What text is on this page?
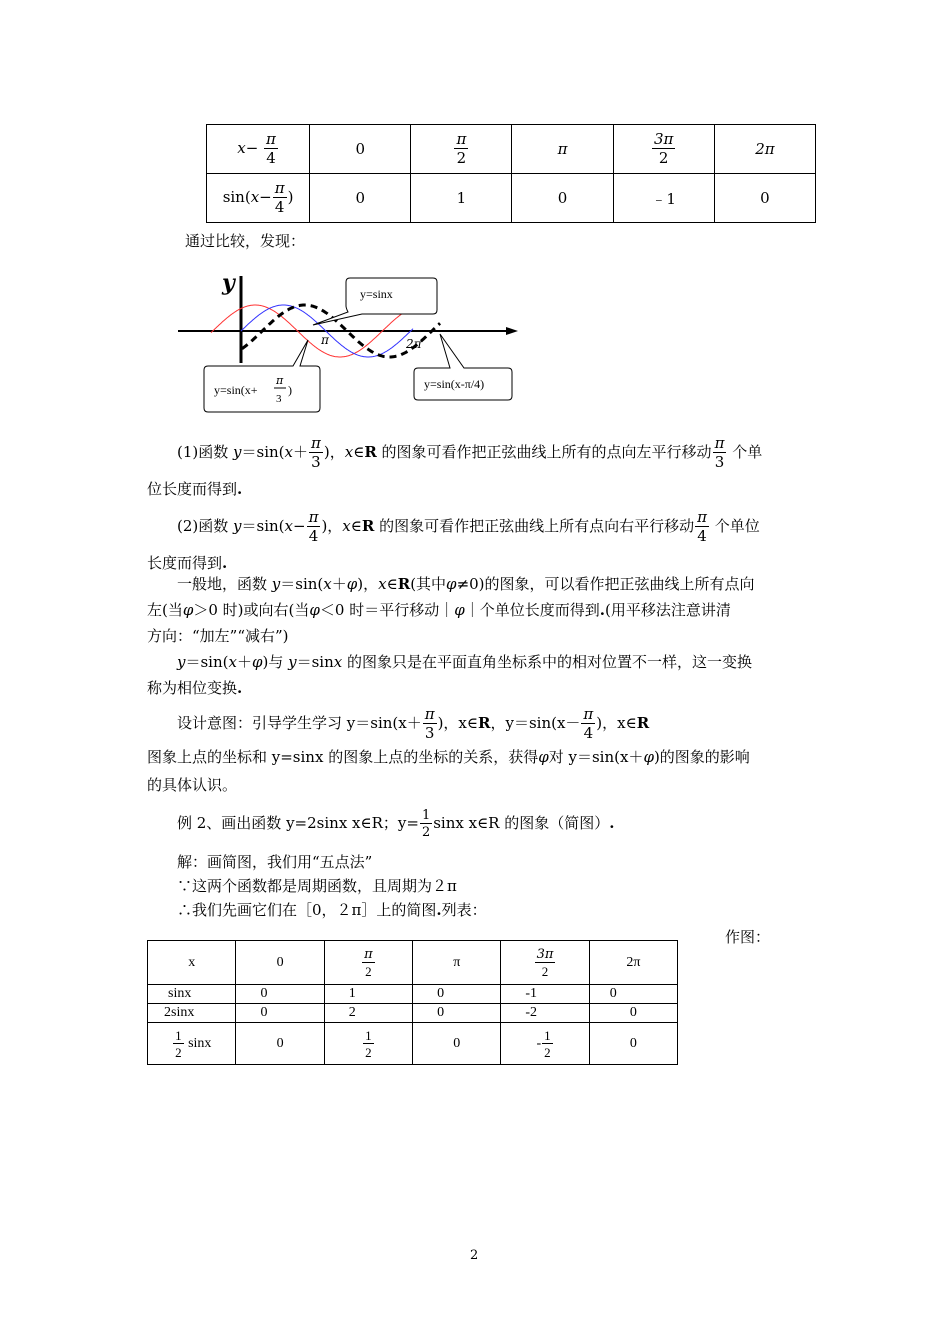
$x- \frac{\pi}{4}$	0	$\frac{\pi}{2}$	π	$\frac{3\pi}{2}$	2π
$\sin(x- \frac{\pi}{4}$ )	0	1	0	﹣1	0
通过比较，发现：
y
π	2π
y=sinx
y=sin(x+
π
3
)	y=sin(x-π/4)
(1)函数 $y=\sin(x+ \frac{\pi}{3}$ )，x∈R 的图象可看作把正弦曲线上所有的点向左平行移动 $\frac{\pi}{3}$ 个单
位长度而得到.
(2)函数 $y=\sin(x- \frac{\pi}{4}$ )，x∈R 的图象可看作把正弦曲线上所有点向右平行移动 $\frac{\pi}{4}$ 个单位
长度而得到.
一般地，函数 y＝sin(x＋φ)，x∈R(其中φ≠0)的图象，可以看作把正弦曲线上所有点向
左(当φ＞0 时)或向右(当φ＜0 时＝平行移动｜φ｜个单位长度而得到.(用平移法注意讲清
方向：“加左”“减右”)
y＝sin(x＋φ)与 y＝sinx 的图象只是在平面直角坐标系中的相对位置不一样，这一变换
称为相位变换.
设计意图：引导学生学习 $y=\sin(x+ \frac{\pi}{3}$ )，x∈R，$y=\sin(x- \frac{\pi}{4}$ )，x∈R
图象上点的坐标和 y=sinx 的图象上点的坐标的关系，获得φ对 y＝sin(x＋φ)的图象的影响
的具体认识。
例 2、画出函数 y=2sinx x∈R；$y= \frac{1}{2}$ sinx x∈R 的图象（简图）.
解：画简图，我们用“五点法”
∵这两个函数都是周期函数，且周期为２π
∴我们先画它们在［0，２π］上的简图.列表：
作图：
x	0	$\frac{\pi}{2}$	π	$\frac{3\pi}{2}$	2π
sinx	0	1	0	-1	0
2sinx	0	2	0	-2	0

$\frac{1}{2}$ sinx	0	$\frac{1}{2}$	0	- $\frac{1}{2}$	0
2
